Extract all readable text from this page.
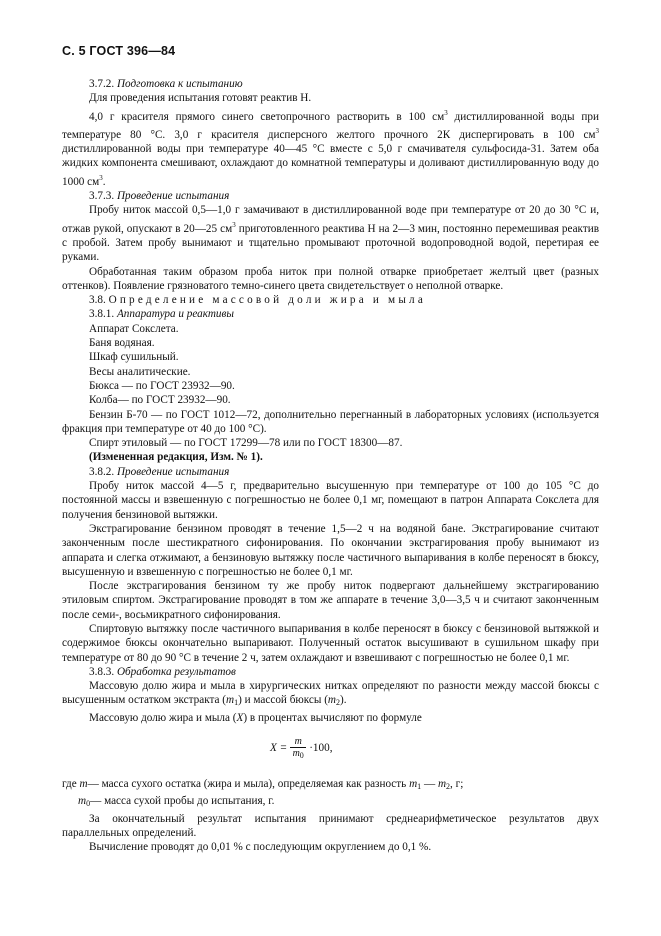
С. 5 ГОСТ 396—84

3.7.2. Подготовка к испытанию

Для проведения испытания готовят реактив Н.

4,0 г красителя прямого синего светопрочного растворить в 100 $см^3$ дистиллированной воды при температуре 80 °С. 3,0 г красителя дисперсного желтого прочного 2К диспергировать в 100 $см^3$ дистиллированной воды при температуре 40—45 °С вместе с 5,0 г смачивателя сульфосида-31. Затем оба жидких компонента смешивают, охлаждают до комнатной температуры и доливают дистиллированную воду до 1000 $см^3$.

3.7.3. Проведение испытания

Пробу ниток массой 0,5—1,0 г замачивают в дистиллированной воде при температуре от 20 до 30 °С и, отжав рукой, опускают в 20—25 $см^3$ приготовленного реактива Н на 2—3 мин, постоянно перемешивая реактив с пробой. Затем пробу вынимают и тщательно промывают проточной водопроводной водой, перетирая ее руками.

Обработанная таким образом проба ниток при полной отварке приобретает желтый цвет (разных оттенков). Появление грязноватого темно-синего цвета свидетельствует о неполной отварке.

3.8. Определение массовой доли жира и мыла

3.8.1. Аппаратура и реактивы

Аппарат Сокслета.

Баня водяная.

Шкаф сушильный.

Весы аналитические.

Бюкса — по ГОСТ 23932—90.

Колба— по ГОСТ 23932—90.

Бензин Б-70 — по ГОСТ 1012—72, дополнительно перегнанный в лабораторных условиях (используется фракция при температуре от 40 до 100 °С).

Спирт этиловый — по ГОСТ 17299—78 или по ГОСТ 18300—87.

(Измененная редакция, Изм. № 1).

3.8.2. Проведение испытания

Пробу ниток массой 4—5 г, предварительно высушенную при температуре от 100 до 105 °С до постоянной массы и взвешенную с погрешностью не более 0,1 мг, помещают в патрон Аппарата Сокслета для получения бензиновой вытяжки.

Экстрагирование бензином проводят в течение 1,5—2 ч на водяной бане. Экстрагирование считают законченным после шестикратного сифонирования. По окончании экстрагирования пробу вынимают из аппарата и слегка отжимают, а бензиновую вытяжку после частичного выпаривания в колбе переносят в бюксу, высушенную и взвешенную с погрешностью не более 0,1 мг.

После экстрагирования бензином ту же пробу ниток подвергают дальнейшему экстрагированию этиловым спиртом. Экстрагирование проводят в том же аппарате в течение 3,0—3,5 ч и считают законченным после семи-, восьмикратного сифонирования.

Спиртовую вытяжку после частичного выпаривания в колбе переносят в бюксу с бензиновой вытяжкой и содержимое бюксы окончательно выпаривают. Полученный остаток высушивают в сушильном шкафу при температуре от 80 до 90 °С в течение 2 ч, затем охлаждают и взвешивают с погрешностью не более 0,1 мг.

3.8.3. Обработка результатов

Массовую долю жира и мыла в хирургических нитках определяют по разности между массой бюксы с высушенным остатком экстракта $(m_1)$ и массой бюксы $(m_2)$.

Массовую долю жира и мыла (X) в процентах вычисляют по формуле

$X = \frac{m}{m_0} \cdot 100$,

где m— масса сухого остатка (жира и мыла), определяемая как разность $m_1$ — $m_2$, г;

$m_0—$ масса сухой пробы до испытания, г.

За окончательный результат испытания принимают среднеарифметическое результатов двух параллельных определений.

Вычисление проводят до 0,01 % с последующим округлением до 0,1 %.
